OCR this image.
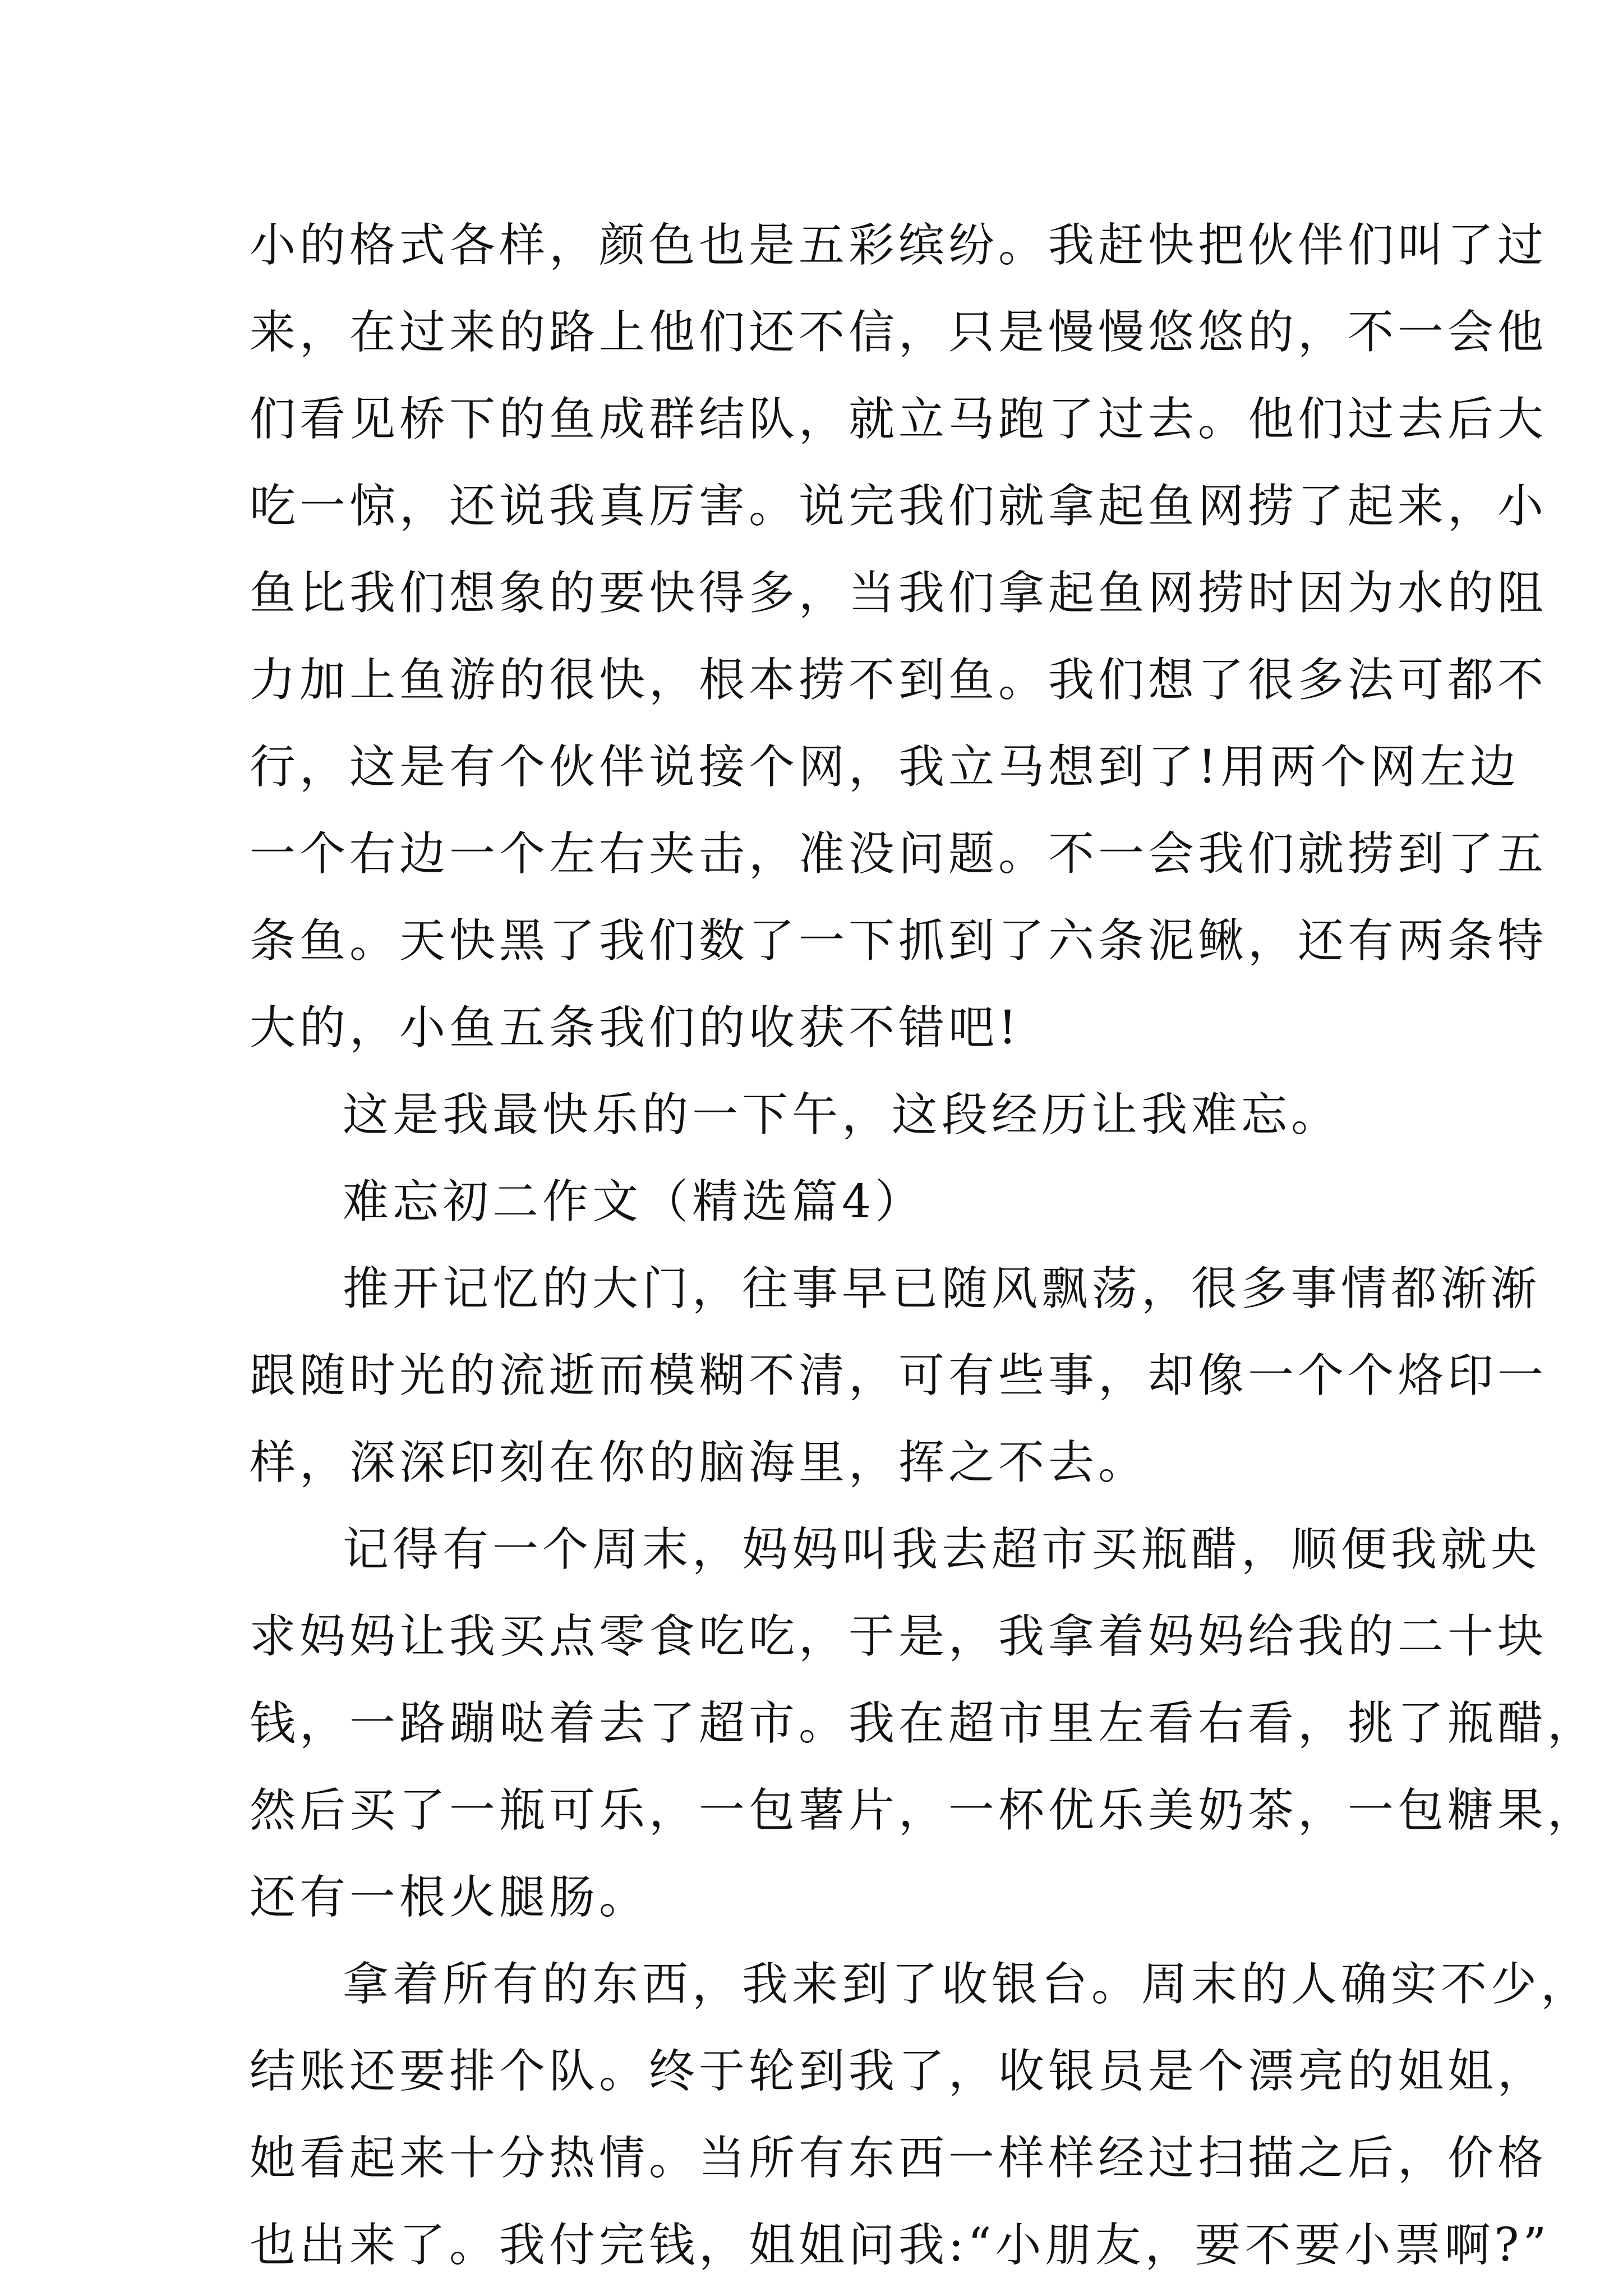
小的格式各样，颜色也是五彩缤纷。我赶快把伙伴们叫了过
来，在过来的路上他们还不信，只是慢慢悠悠的，不一会他
们看见桥下的鱼成群结队，就立马跑了过去。他们过去后大
吃一惊，还说我真厉害。说完我们就拿起鱼网捞了起来，小
鱼比我们想象的要快得多，当我们拿起鱼网捞时因为水的阻
力加上鱼游的很快，根本捞不到鱼。我们想了很多法可都不
行，这是有个伙伴说接个网，我立马想到了!用两个网左边
一个右边一个左右夹击，准没问题。不一会我们就捞到了五
条鱼。天快黑了我们数了一下抓到了六条泥鳅，还有两条特
大的，小鱼五条我们的收获不错吧!
这是我最快乐的一下午，这段经历让我难忘。
难忘初二作文（精选篇4）
推开记忆的大门，往事早已随风飘荡，很多事情都渐渐
跟随时光的流逝而模糊不清，可有些事，却像一个个烙印一
样，深深印刻在你的脑海里，挥之不去。
记得有一个周末，妈妈叫我去超市买瓶醋，顺便我就央
求妈妈让我买点零食吃吃，于是，我拿着妈妈给我的二十块
钱，一路蹦哒着去了超市。我在超市里左看右看，挑了瓶醋，
然后买了一瓶可乐，一包薯片，一杯优乐美奶茶，一包糖果，
还有一根火腿肠。
拿着所有的东西，我来到了收银台。周末的人确实不少，
结账还要排个队。终于轮到我了，收银员是个漂亮的姐姐，
她看起来十分热情。当所有东西一样样经过扫描之后，价格
也出来了。我付完钱，姐姐问我:“小朋友，要不要小票啊?”
